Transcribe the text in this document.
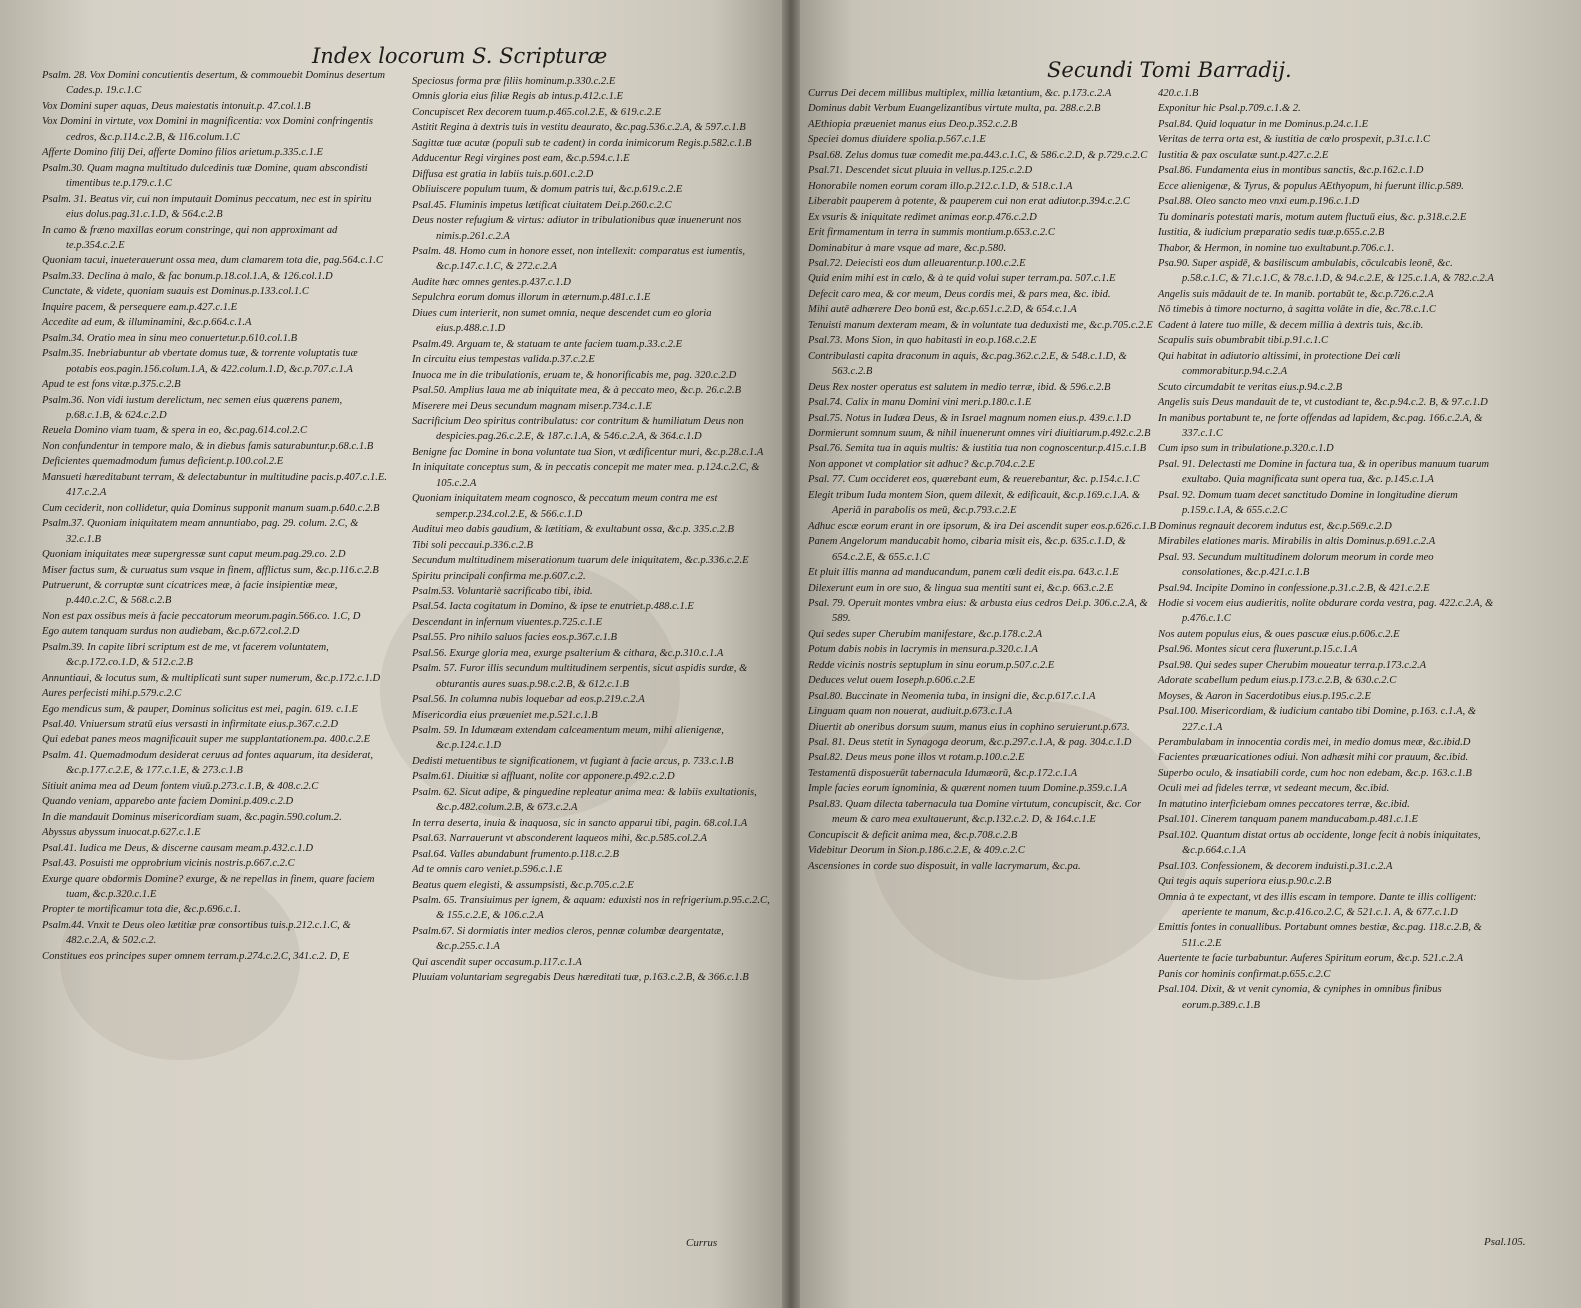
Index locorum S. Scripturæ

Psalm. 28. Vox Domini concutientis desertum, & commouebit Dominus desertum Cades.p. 19.c.1.C

Vox Domini super aquas, Deus maiestatis intonuit.p. 47.col.1.B

Vox Domini in virtute, vox Domini in magnificentia: vox Domini confringentis cedros, &c.p.114.c.2.B, & 116.colum.1.C

Afferte Domino filij Dei, afferte Domino filios arietum.p.335.c.1.E

Psalm.30. Quam magna multitudo dulcedinis tuæ Domine, quam abscondisti timentibus te.p.179.c.1.C

Psalm. 31. Beatus vir, cui non imputauit Dominus peccatum, nec est in spiritu eius dolus.pag.31.c.1.D, & 564.c.2.B

In camo & fræno maxillas eorum constringe, qui non approximant ad te.p.354.c.2.E

Quoniam tacui, inueterauerunt ossa mea, dum clamarem tota die, pag.564.c.1.C

Psalm.33. Declina à malo, & fac bonum.p.18.col.1.A, & 126.col.1.D

Cunctate, & videte, quoniam suauis est Dominus.p.133.col.1.C

Inquire pacem, & persequere eam.p.427.c.1.E

Accedite ad eum, & illuminamini, &c.p.664.c.1.A

Psalm.34. Oratio mea in sinu meo conuertetur.p.610.col.1.B

Psalm.35. Inebriabuntur ab vbertate domus tuæ, & torrente voluptatis tuæ potabis eos.pagin.156.colum.1.A, & 422.colum.1.D, &c.p.707.c.1.A

Apud te est fons vitæ.p.375.c.2.B

Psalm.36. Non vidi iustum derelictum, nec semen eius quærens panem, p.68.c.1.B, & 624.c.2.D

Reuela Domino viam tuam, & spera in eo, &c.pag.614.col.2.C

Non confundentur in tempore malo, & in diebus famis saturabuntur.p.68.c.1.B

Deficientes quemadmodum fumus deficient.p.100.col.2.E

Mansueti hæreditabunt terram, & delectabuntur in multitudine pacis.p.407.c.1.E. 417.c.2.A

Cum ceciderit, non collidetur, quia Dominus supponit manum suam.p.640.c.2.B

Psalm.37. Quoniam iniquitatem meam annuntiabo, pag. 29. colum. 2.C, & 32.c.1.B

Quoniam iniquitates meæ supergressæ sunt caput meum.pag.29.co. 2.D

Miser factus sum, & curuatus sum vsque in finem, afflictus sum, &c.p.116.c.2.B

Putruerunt, & corruptæ sunt cicatrices meæ, à facie insipientiæ meæ, p.440.c.2.C, & 568.c.2.B

Non est pax ossibus meis à facie peccatorum meorum.pagin.566.co. 1.C, D

Ego autem tanquam surdus non audiebam, &c.p.672.col.2.D

Psalm.39. In capite libri scriptum est de me, vt facerem voluntatem, &c.p.172.co.1.D, & 512.c.2.B

Annuntiaui, & locutus sum, & multiplicati sunt super numerum, &c.p.172.c.1.D

Aures perfecisti mihi.p.579.c.2.C

Ego mendicus sum, & pauper, Dominus solicitus est mei, pagin. 619. c.1.E

Psal.40. Vniuersum stratū eius versasti in infirmitate eius.p.367.c.2.D

Qui edebat panes meos magnificauit super me supplantationem.pa. 400.c.2.E

Psalm. 41. Quemadmodum desiderat ceruus ad fontes aquarum, ita desiderat, &c.p.177.c.2.E, & 177.c.1.E, & 273.c.1.B

Sitiuit anima mea ad Deum fontem viuū.p.273.c.1.B, & 408.c.2.C

Quando veniam, apparebo ante faciem Domini.p.409.c.2.D

In die mandauit Dominus misericordiam suam, &c.pagin.590.colum.2.

Abyssus abyssum inuocat.p.627.c.1.E

Psal.41. Iudica me Deus, & discerne causam meam.p.432.c.1.D

Psal.43. Posuisti me opprobrium vicinis nostris.p.667.c.2.C

Exurge quare obdormis Domine? exurge, & ne repellas in finem, quare faciem tuam, &c.p.320.c.1.E

Propter te mortificamur tota die, &c.p.696.c.1.

Psalm.44. Vnxit te Deus oleo lætitiæ præ consortibus tuis.p.212.c.1.C, & 482.c.2.A, & 502.c.2.

Constitues eos principes super omnem terram.p.274.c.2.C, 341.c.2. D, E

Speciosus forma præ filiis hominum.p.330.c.2.E

Omnis gloria eius filiæ Regis ab intus.p.412.c.1.E

Concupiscet Rex decorem tuum.p.465.col.2.E, & 619.c.2.E

Astitit Regina à dextris tuis in vestitu deaurato, &c.pag.536.c.2.A, & 597.c.1.B

Sagittæ tuæ acutæ (populi sub te cadent) in corda inimicorum Regis.p.582.c.1.B

Adducentur Regi virgines post eam, &c.p.594.c.1.E

Diffusa est gratia in labiis tuis.p.601.c.2.D

Obliuiscere populum tuum, & domum patris tui, &c.p.619.c.2.E

Psal.45. Fluminis impetus lætificat ciuitatem Dei.p.260.c.2.C

Deus noster refugium & virtus: adiutor in tribulationibus quæ inuenerunt nos nimis.p.261.c.2.A

Psalm. 48. Homo cum in honore esset, non intellexit: comparatus est iumentis, &c.p.147.c.1.C, & 272.c.2.A

Audite hæc omnes gentes.p.437.c.1.D

Sepulchra eorum domus illorum in æternum.p.481.c.1.E

Diues cum interierit, non sumet omnia, neque descendet cum eo gloria eius.p.488.c.1.D

Psalm.49. Arguam te, & statuam te ante faciem tuam.p.33.c.2.E

In circuitu eius tempestas valida.p.37.c.2.E

Inuoca me in die tribulationis, eruam te, & honorificabis me, pag. 320.c.2.D

Psal.50. Amplius laua me ab iniquitate mea, & à peccato meo, &c.p. 26.c.2.B

Miserere mei Deus secundum magnam miser.p.734.c.1.E

Sacrificium Deo spiritus contribulatus: cor contritum & humiliatum Deus non despicies.pag.26.c.2.E, & 187.c.1.A, & 546.c.2.A, & 364.c.1.D

Benigne fac Domine in bona voluntate tua Sion, vt ædificentur muri, &c.p.28.c.1.A

In iniquitate conceptus sum, & in peccatis concepit me mater mea. p.124.c.2.C, & 105.c.2.A

Quoniam iniquitatem meam cognosco, & peccatum meum contra me est semper.p.234.col.2.E, & 566.c.1.D

Auditui meo dabis gaudium, & lætitiam, & exultabunt ossa, &c.p. 335.c.2.B

Tibi soli peccaui.p.336.c.2.B

Secundum multitudinem miserationum tuarum dele iniquitatem, &c.p.336.c.2.E

Spiritu principali confirma me.p.607.c.2.

Psalm.53. Voluntariè sacrificabo tibi, ibid.

Psal.54. Iacta cogitatum in Domino, & ipse te enutriet.p.488.c.1.E

Descendant in infernum viuentes.p.725.c.1.E

Psal.55. Pro nihilo saluos facies eos.p.367.c.1.B

Psal.56. Exurge gloria mea, exurge psalterium & cithara, &c.p.310.c.1.A

Psalm. 57. Furor illis secundum multitudinem serpentis, sicut aspidis surdæ, & obturantis aures suas.p.98.c.2.B, & 612.c.1.B

Psal.56. In columna nubis loquebar ad eos.p.219.c.2.A

Misericordia eius præueniet me.p.521.c.1.B

Psalm. 59. In Idumæam extendam calceamentum meum, mihi alienigenæ, &c.p.124.c.1.D

Dedisti metuentibus te significationem, vt fugiant à facie arcus, p. 733.c.1.B

Psalm.61. Diuitiæ si affluant, nolite cor apponere.p.492.c.2.D

Psalm. 62. Sicut adipe, & pinguedine repleatur anima mea: & labiis exultationis, &c.p.482.colum.2.B, & 673.c.2.A

In terra deserta, inuia & inaquosa, sic in sancto apparui tibi, pagin. 68.col.1.A

Psal.63. Narrauerunt vt absconderent laqueos mihi, &c.p.585.col.2.A

Psal.64. Valles abundabunt frumento.p.118.c.2.B

Ad te omnis caro veniet.p.596.c.1.E

Beatus quem elegisti, & assumpsisti, &c.p.705.c.2.E

Psalm. 65. Transiuimus per ignem, & aquam: eduxisti nos in refrigerium.p.95.c.2.C, & 155.c.2.E, & 106.c.2.A

Psalm.67. Si dormiatis inter medios cleros, pennæ columbæ deargentatæ, &c.p.255.c.1.A

Qui ascendit super occasum.p.117.c.1.A

Pluuiam voluntariam segregabis Deus hæreditati tuæ, p.163.c.2.B, & 366.c.1.B

Currus
Secundi Tomi Barradij.

Currus Dei decem millibus multiplex, millia lætantium, &c. p.173.c.2.A

Dominus dabit Verbum Euangelizantibus virtute multa, pa. 288.c.2.B

AEthiopia præueniet manus eius Deo.p.352.c.2.B

Speciei domus diuidere spolia.p.567.c.1.E

Psal.68. Zelus domus tuæ comedit me.pa.443.c.1.C, & 586.c.2.D, & p.729.c.2.C

Psal.71. Descendet sicut pluuia in vellus.p.125.c.2.D

Honorabile nomen eorum coram illo.p.212.c.1.D, & 518.c.1.A

Liberabit pauperem à potente, & pauperem cui non erat adiutor.p.394.c.2.C

Ex vsuris & iniquitate redimet animas eor.p.476.c.2.D

Erit firmamentum in terra in summis montium.p.653.c.2.C

Dominabitur à mare vsque ad mare, &c.p.580.

Psal.72. Deiecisti eos dum alleuarentur.p.100.c.2.E

Quid enim mihi est in cœlo, & à te quid volui super terram.pa. 507.c.1.E

Defecit caro mea, & cor meum, Deus cordis mei, & pars mea, &c. ibid.

Mihi autē adhærere Deo bonū est, &c.p.651.c.2.D, & 654.c.1.A

Tenuisti manum dexteram meam, & in voluntate tua deduxisti me, &c.p.705.c.2.E

Psal.73. Mons Sion, in quo habitasti in eo.p.168.c.2.E

Contribulasti capita draconum in aquis, &c.pag.362.c.2.E, & 548.c.1.D, & 563.c.2.B

Deus Rex noster operatus est salutem in medio terræ, ibid. & 596.c.2.B

Psal.74. Calix in manu Domini vini meri.p.180.c.1.E

Psal.75. Notus in Iudæa Deus, & in Israel magnum nomen eius.p. 439.c.1.D

Dormierunt somnum suum, & nihil inuenerunt omnes viri diuitiarum.p.492.c.2.B

Psal.76. Semita tua in aquis multis: & iustitia tua non cognoscentur.p.415.c.1.B

Non apponet vt complatior sit adhuc? &c.p.704.c.2.E

Psal. 77. Cum occideret eos, quærebant eum, & reuerebantur, &c. p.154.c.1.C

Elegit tribum Iuda montem Sion, quem dilexit, & edificauit, &c.p.169.c.1.A. & Aperiā in parabolis os meū, &c.p.793.c.2.E

Adhuc escæ eorum erant in ore ipsorum, & ira Dei ascendit super eos.p.626.c.1.B

Panem Angelorum manducabit homo, cibaria misit eis, &c.p. 635.c.1.D, & 654.c.2.E, & 655.c.1.C

Et pluit illis manna ad manducandum, panem cœli dedit eis.pa. 643.c.1.E

Dilexerunt eum in ore suo, & lingua sua mentiti sunt ei, &c.p. 663.c.2.E

Psal. 79. Operuit montes vmbra eius: & arbusta eius cedros Dei.p. 306.c.2.A, & 589.

Qui sedes super Cherubim manifestare, &c.p.178.c.2.A

Potum dabis nobis in lacrymis in mensura.p.320.c.1.A

Redde vicinis nostris septuplum in sinu eorum.p.507.c.2.E

Deduces velut ouem Ioseph.p.606.c.2.E

Psal.80. Buccinate in Neomenia tuba, in insigni die, &c.p.617.c.1.A

Linguam quam non nouerat, audiuit.p.673.c.1.A

Diuertit ab oneribus dorsum suum, manus eius in cophino seruierunt.p.673.

Psal. 81. Deus stetit in Synagoga deorum, &c.p.297.c.1.A, & pag. 304.c.1.D

Psal.82. Deus meus pone illos vt rotam.p.100.c.2.E

Testamentū disposuerūt tabernacula Idumæorū, &c.p.172.c.1.A

Imple facies eorum ignominia, & quærent nomen tuum Domine.p.359.c.1.A

Psal.83. Quam dilecta tabernacula tua Domine virtutum, concupiscit, &c. Cor meum & caro mea exultauerunt, &c.p.132.c.2. D, & 164.c.1.E

Concupiscit & deficit anima mea, &c.p.708.c.2.B

Videbitur Deorum in Sion.p.186.c.2.E, & 409.c.2.C

Ascensiones in corde suo disposuit, in valle lacrymarum, &c.pa.

420.c.1.B

Exponitur hic Psal.p.709.c.1.& 2.

Psal.84. Quid loquatur in me Dominus.p.24.c.1.E

Veritas de terra orta est, & iustitia de cœlo prospexit, p.31.c.1.C

Iustitia & pax osculatæ sunt.p.427.c.2.E

Psal.86. Fundamenta eius in montibus sanctis, &c.p.162.c.1.D

Ecce alienigenæ, & Tyrus, & populus AEthyopum, hi fuerunt illic.p.589.

Psal.88. Oleo sancto meo vnxi eum.p.196.c.1.D

Tu dominaris potestati maris, motum autem fluctuū eius, &c. p.318.c.2.E

Iustitia, & iudicium præparatio sedis tuæ.p.655.c.2.B

Thabor, & Hermon, in nomine tuo exultabunt.p.706.c.1.

Psa.90. Super aspidē, & basiliscum ambulabis, cōculcabis leonē, &c. p.58.c.1.C, & 71.c.1.C, & 78.c.1.D, & 94.c.2.E, & 125.c.1.A, & 782.c.2.A

Angelis suis mādauit de te. In manib. portabūt te, &c.p.726.c.2.A

Nō timebis à timore nocturno, à sagitta volāte in die, &c.78.c.1.C

Cadent à latere tuo mille, & decem millia à dextris tuis, &c.ib.

Scapulis suis obumbrabit tibi.p.91.c.1.C

Qui habitat in adiutorio altissimi, in protectione Dei cœli commorabitur.p.94.c.2.A

Scuto circumdabit te veritas eius.p.94.c.2.B

Angelis suis Deus mandauit de te, vt custodiant te, &c.p.94.c.2. B, & 97.c.1.D

In manibus portabunt te, ne forte offendas ad lapidem, &c.pag. 166.c.2.A, & 337.c.1.C

Cum ipso sum in tribulatione.p.320.c.1.D

Psal. 91. Delectasti me Domine in factura tua, & in operibus manuum tuarum exultabo. Quia magnificata sunt opera tua, &c. p.145.c.1.A

Psal. 92. Domum tuam decet sanctitudo Domine in longitudine dierum p.159.c.1.A, & 655.c.2.C

Dominus regnauit decorem indutus est, &c.p.569.c.2.D

Mirabiles elationes maris. Mirabilis in altis Dominus.p.691.c.2.A

Psal. 93. Secundum multitudinem dolorum meorum in corde meo consolationes, &c.p.421.c.1.B

Psal.94. Incipite Domino in confessione.p.31.c.2.B, & 421.c.2.E

Hodie si vocem eius audieritis, nolite obdurare corda vestra, pag. 422.c.2.A, & p.476.c.1.C

Nos autem populus eius, & oues pascuæ eius.p.606.c.2.E

Psal.96. Montes sicut cera fluxerunt.p.15.c.1.A

Psal.98. Qui sedes super Cherubim moueatur terra.p.173.c.2.A

Adorate scabellum pedum eius.p.173.c.2.B, & 630.c.2.C

Moyses, & Aaron in Sacerdotibus eius.p.195.c.2.E

Psal.100. Misericordiam, & iudicium cantabo tibi Domine, p.163. c.1.A, & 227.c.1.A

Perambulabam in innocentia cordis mei, in medio domus meæ, &c.ibid.D

Facientes præuaricationes odiui. Non adhæsit mihi cor prauum, &c.ibid.

Superbo oculo, & insatiabili corde, cum hoc non edebam, &c.p. 163.c.1.B

Oculi mei ad fideles terræ, vt sedeant mecum, &c.ibid.

In matutino interficiebam omnes peccatores terræ, &c.ibid.

Psal.101. Cinerem tanquam panem manducabam.p.481.c.1.E

Psal.102. Quantum distat ortus ab occidente, longe fecit à nobis iniquitates, &c.p.664.c.1.A

Psal.103. Confessionem, & decorem induisti.p.31.c.2.A

Qui tegis aquis superiora eius.p.90.c.2.B

Omnia à te expectant, vt des illis escam in tempore. Dante te illis colligent: aperiente te manum, &c.p.416.co.2.C, & 521.c.1. A, & 677.c.1.D

Emittis fontes in conuallibus. Portabunt omnes bestiæ, &c.pag. 118.c.2.B, & 511.c.2.E

Auertente te facie turbabuntur. Auferes Spiritum eorum, &c.p. 521.c.2.A

Panis cor hominis confirmat.p.655.c.2.C

Psal.104. Dixit, & vt venit cynomia, & cyniphes in omnibus finibus eorum.p.389.c.1.B

Psal.105.
